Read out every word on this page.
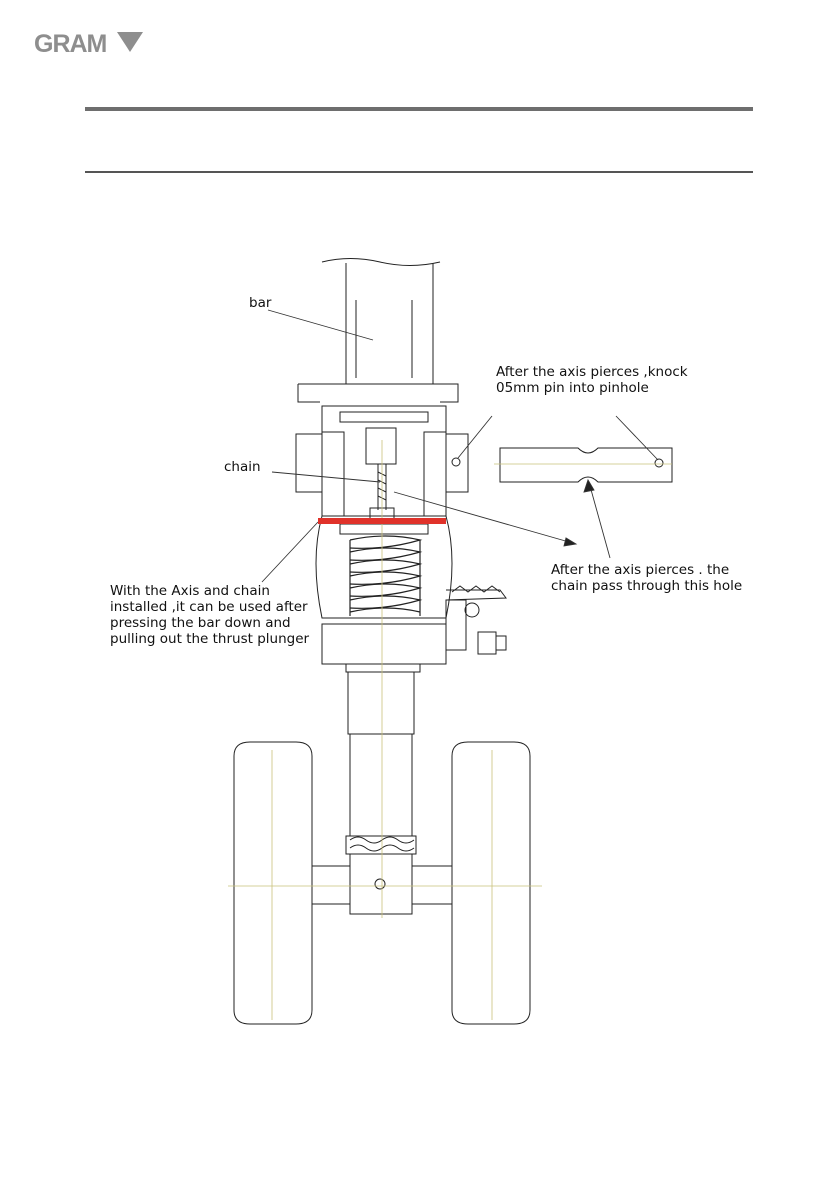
GRAM
bar
chain
After the axis pierces ,knock
05mm pin into pinhole
After the axis pierces . the
chain pass through this hole
With the Axis and chain
installed ,it can be used after
pressing the bar down and
pulling out the thrust plunger
